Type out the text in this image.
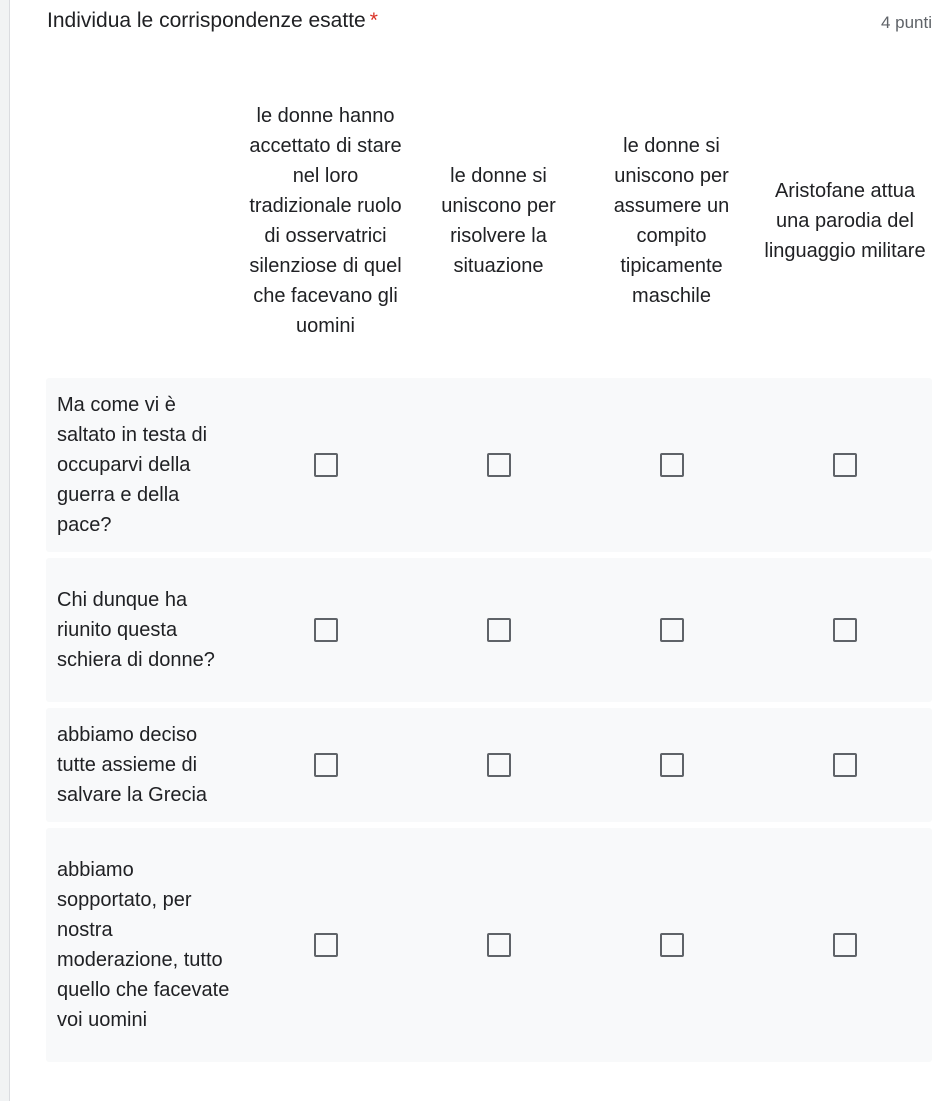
Individua le corrispondenze esatte *	4 punti
le donne hanno accettato di stare nel loro tradizionale ruolo di osservatrici silenziose di quel che facevano gli uomini
le donne si uniscono per risolvere la situazione
le donne si uniscono per assumere un compito tipicamente maschile
Aristofane attua una parodia del linguaggio militare
Ma come vi è saltato in testa di occuparvi della guerra e della pace?
Chi dunque ha riunito questa schiera di donne?
abbiamo deciso tutte assieme di salvare la Grecia
abbiamo sopportato, per nostra moderazione, tutto quello che facevate voi uomini
